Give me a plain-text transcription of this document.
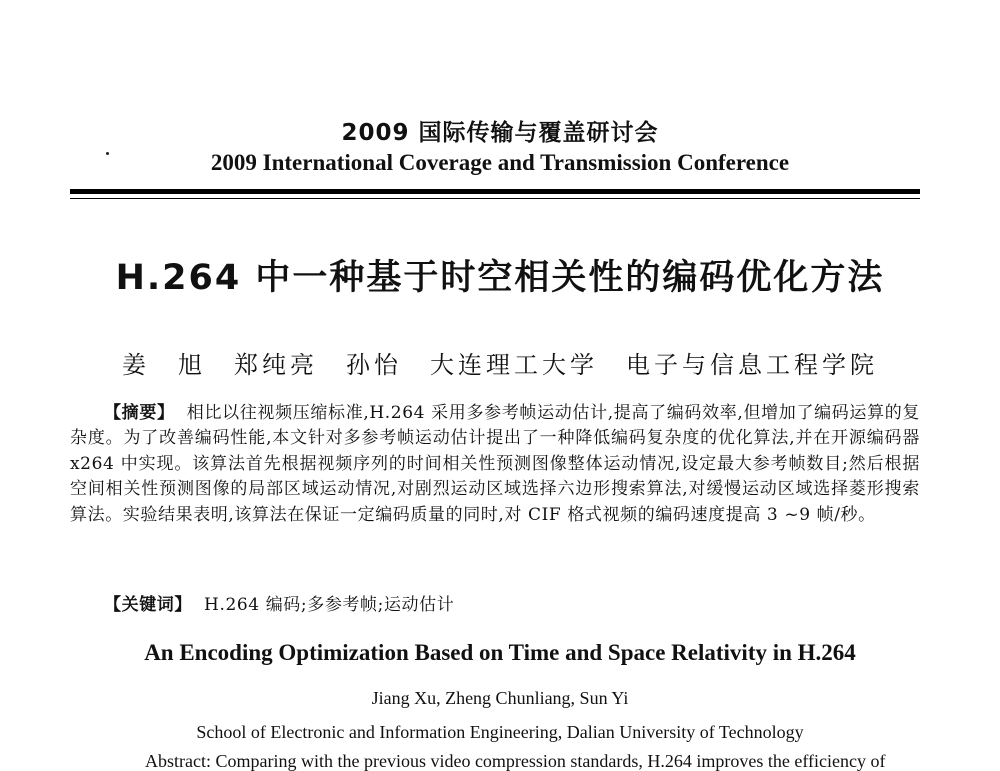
2009 国际传输与覆盖研讨会
2009 International Coverage and Transmission Conference
H.264 中一种基于时空相关性的编码优化方法
姜　旭　郑纯亮　孙怡　大连理工大学　电子与信息工程学院

【摘要】 相比以往视频压缩标准,H.264 采用多参考帧运动估计,提高了编码效率,但增加了编码运算的复杂度。为了改善编码性能,本文针对多参考帧运动估计提出了一种降低编码复杂度的优化算法,并在开源编码器 x264 中实现。该算法首先根据视频序列的时间相关性预测图像整体运动情况,设定最大参考帧数目;然后根据空间相关性预测图像的局部区域运动情况,对剧烈运动区域选择六边形搜索算法,对缓慢运动区域选择菱形搜索算法。实验结果表明,该算法在保证一定编码质量的同时,对 CIF 格式视频的编码速度提高 3 ~9 帧/秒。

【关键词】 H.264 编码;多参考帧;运动估计
An Encoding Optimization Based on Time and Space Relativity in H.264
Jiang Xu, Zheng Chunliang, Sun Yi
School of Electronic and Information Engineering, Dalian University of Technology
Abstract: Comparing with the previous video compression standards, H.264 improves the efficiency of
